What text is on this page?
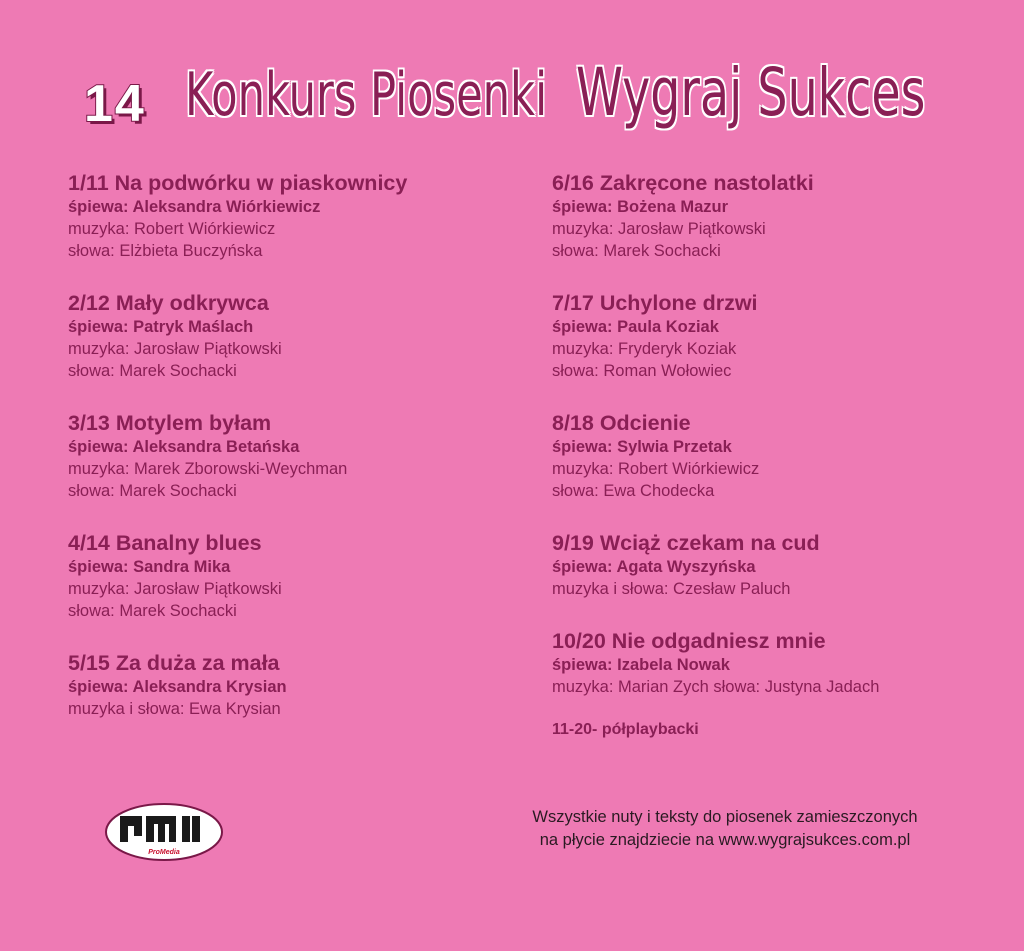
14 Konkurs Piosenki Wygraj Sukces
1/11 Na podwórku w piaskownicy
śpiewa: Aleksandra Wiórkiewicz
muzyka: Robert Wiórkiewicz
słowa: Elżbieta Buczyńska
2/12 Mały odkrywca
śpiewa: Patryk Maślach
muzyka: Jarosław Piątkowski
słowa: Marek Sochacki
3/13 Motylem byłam
śpiewa: Aleksandra Betańska
muzyka: Marek Zborowski-Weychman
słowa: Marek Sochacki
4/14 Banalny blues
śpiewa: Sandra Mika
muzyka: Jarosław Piątkowski
słowa: Marek Sochacki
5/15 Za duża za mała
śpiewa: Aleksandra Krysian
muzyka i słowa: Ewa Krysian
6/16 Zakręcone nastolatki
śpiewa: Bożena Mazur
muzyka: Jarosław Piątkowski
słowa: Marek Sochacki
7/17 Uchylone drzwi
śpiewa: Paula Koziak
muzyka: Fryderyk Koziak
słowa: Roman Wołowiec
8/18 Odcienie
śpiewa: Sylwia Przetak
muzyka: Robert Wiórkiewicz
słowa: Ewa Chodecka
9/19 Wciąż czekam na cud
śpiewa: Agata Wyszyńska
muzyka i słowa: Czesław Paluch
10/20 Nie odgadniesz mnie
śpiewa: Izabela Nowak
muzyka: Marian Zych słowa: Justyna Jadach
11-20- półplaybacki
ProMedia
Wszystkie nuty i teksty do piosenek zamieszczonych
na płycie znajdziecie na www.wygrajsukces.com.pl
